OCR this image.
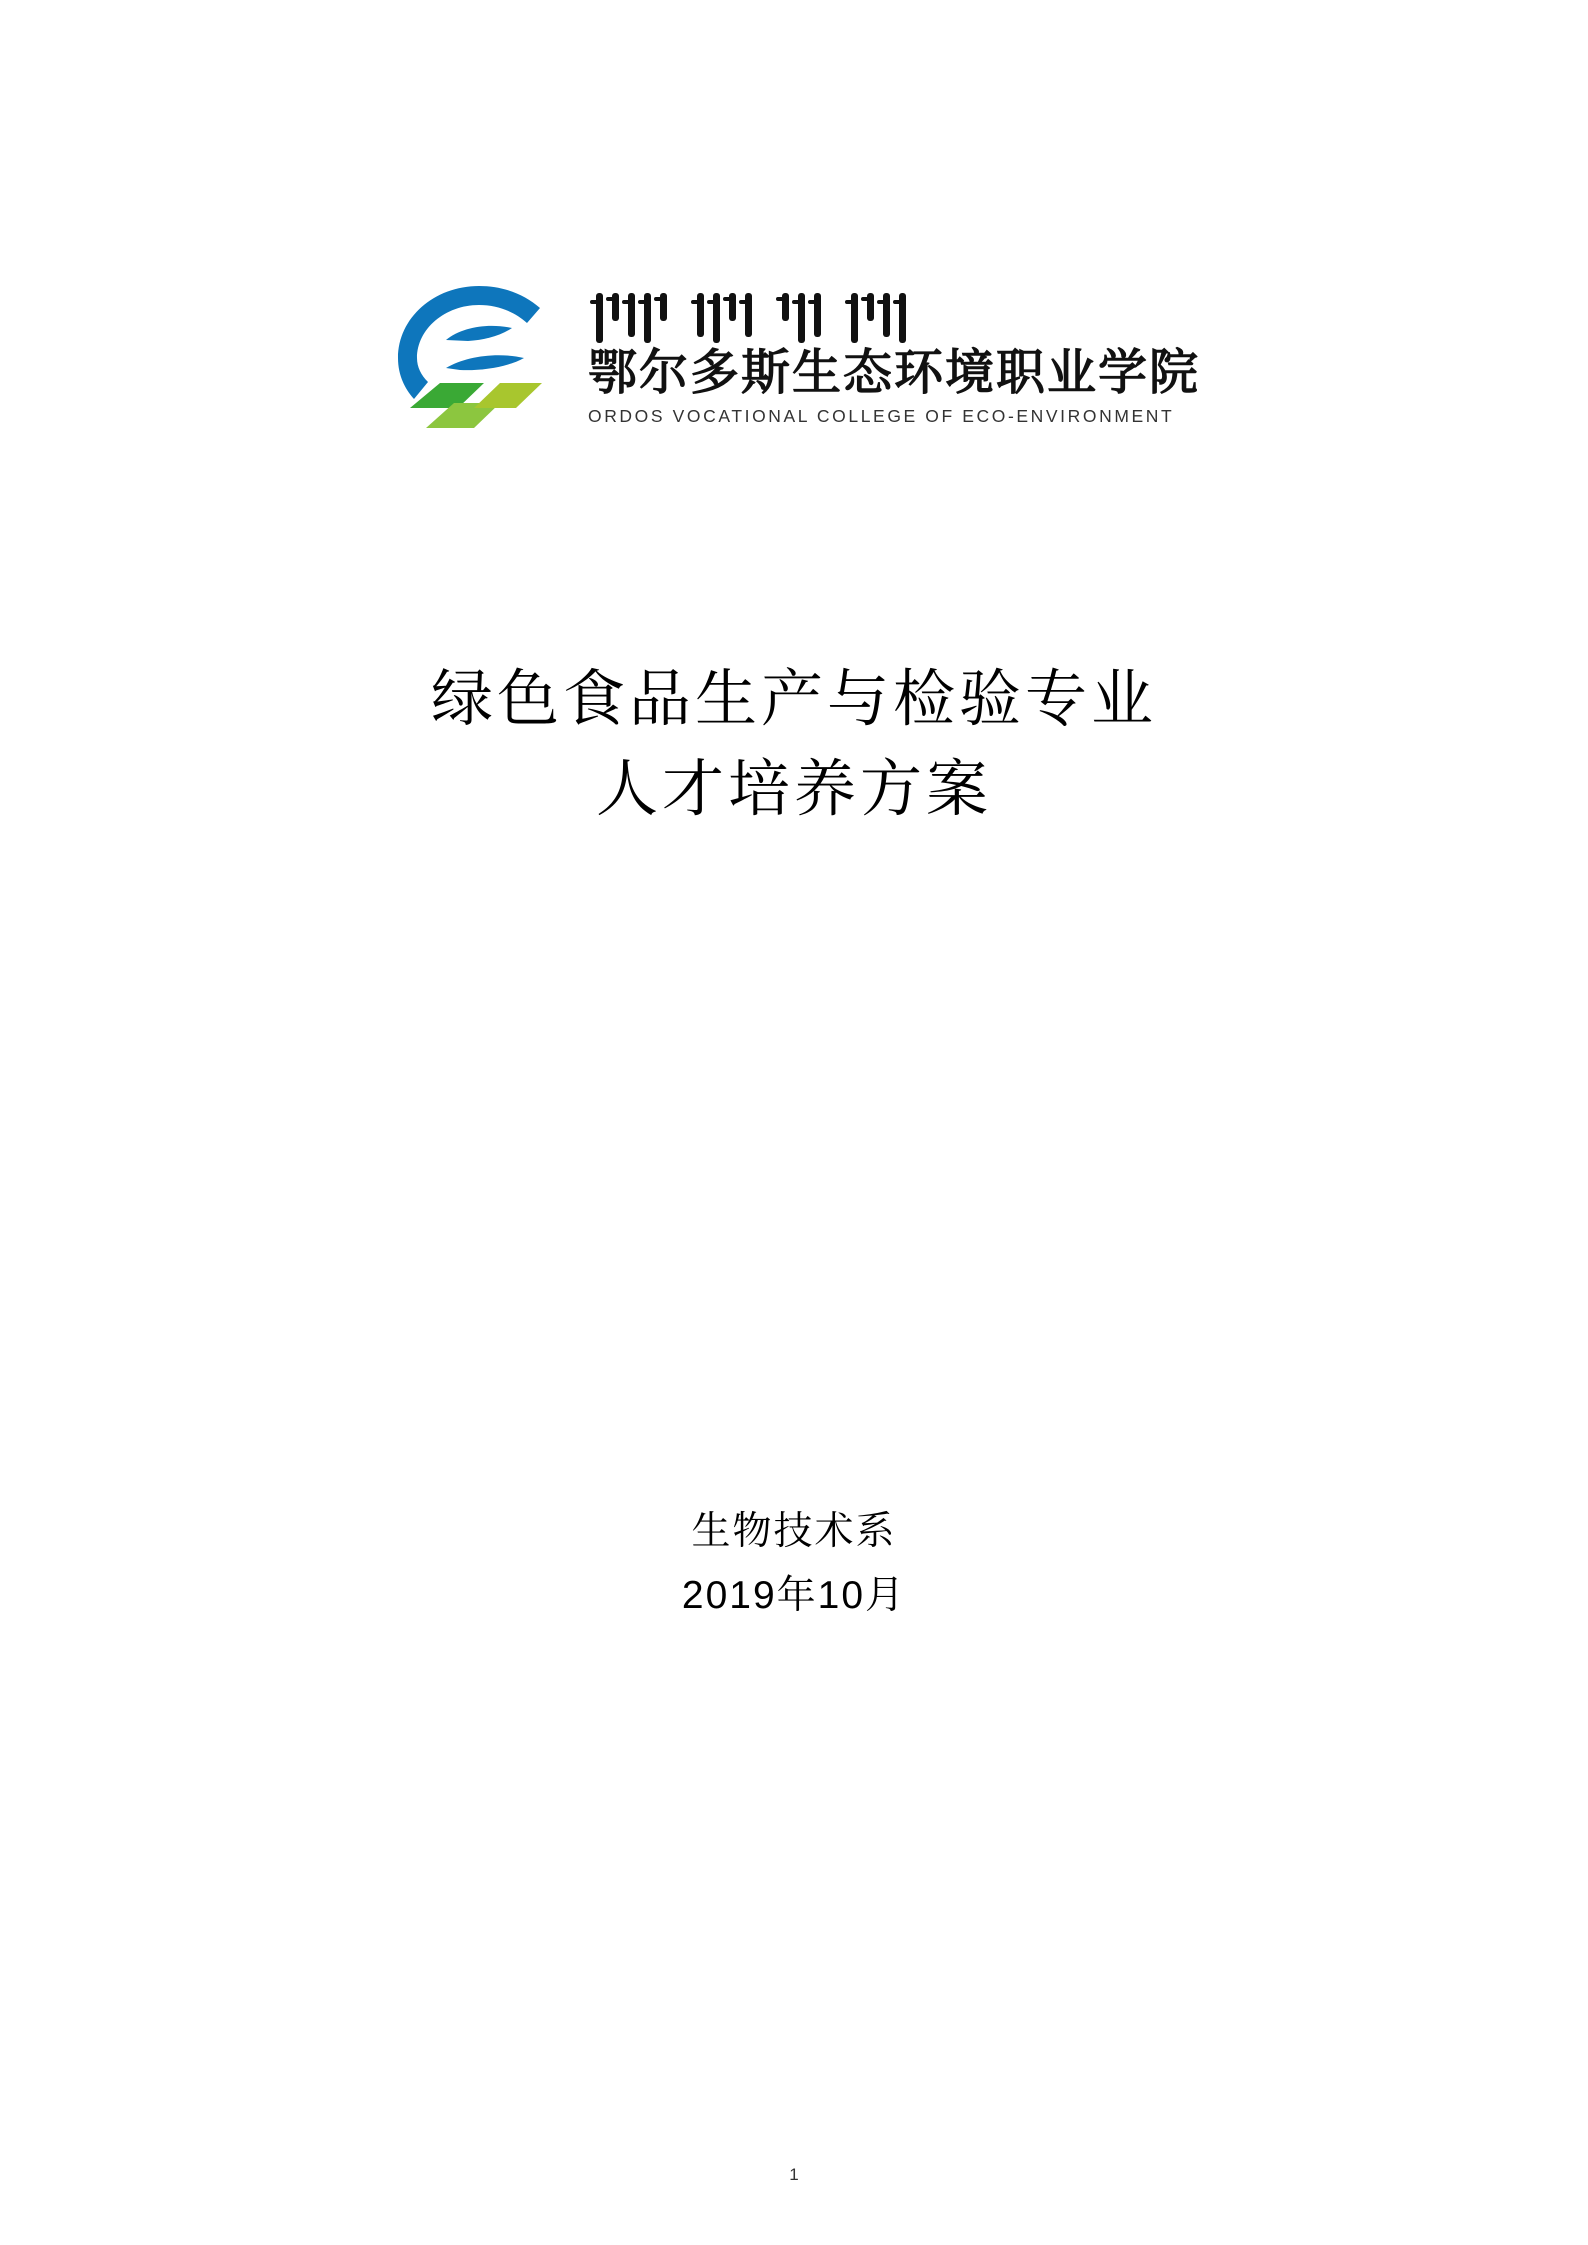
鄂尔多斯生态环境职业学院
ORDOS VOCATIONAL COLLEGE OF ECO-ENVIRONMENT
绿色食品生产与检验专业
人才培养方案
生物技术系
2019年10月
1
